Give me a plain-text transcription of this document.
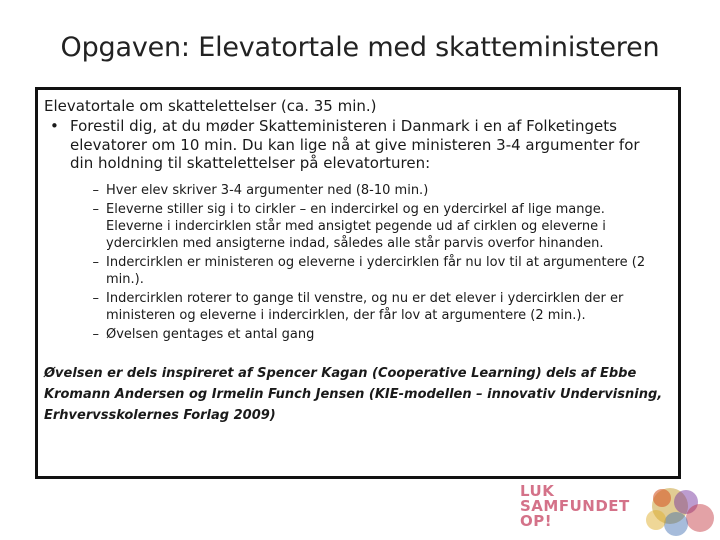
Opgaven: Elevatortale med skatteministeren
Elevatortale om skattelettelser (ca. 35 min.)
• Forestil dig, at du møder Skatteministeren i Danmark i en af Folketingets elevatorer om 10 min. Du kan lige nå at give ministeren 3-4 argumenter for din holdning til skattelettelser på elevatorturen:
– Hver elev skriver 3-4 argumenter ned (8-10 min.)
– Eleverne stiller sig i to cirkler – en indercirkel og en ydercirkel af lige mange. Eleverne i indercirklen står med ansigtet pegende ud af cirklen og eleverne i ydercirklen med ansigterne indad, således alle står parvis overfor hinanden.
– Indercirklen er ministeren og eleverne i ydercirklen får nu lov til at argumentere (2 min.).
– Indercirklen roterer to gange til venstre, og nu er det elever i ydercirklen der er ministeren og eleverne i indercirklen, der får lov at argumentere (2 min.).
– Øvelsen gentages et antal gang
Øvelsen er dels inspireret af Spencer Kagan (Cooperative Learning) dels af Ebbe Kromann Andersen og Irmelin Funch Jensen (KIE-modellen – innovativ Undervisning, Erhvervsskolernes Forlag 2009)
LUK
SAMFUNDET
OP!
